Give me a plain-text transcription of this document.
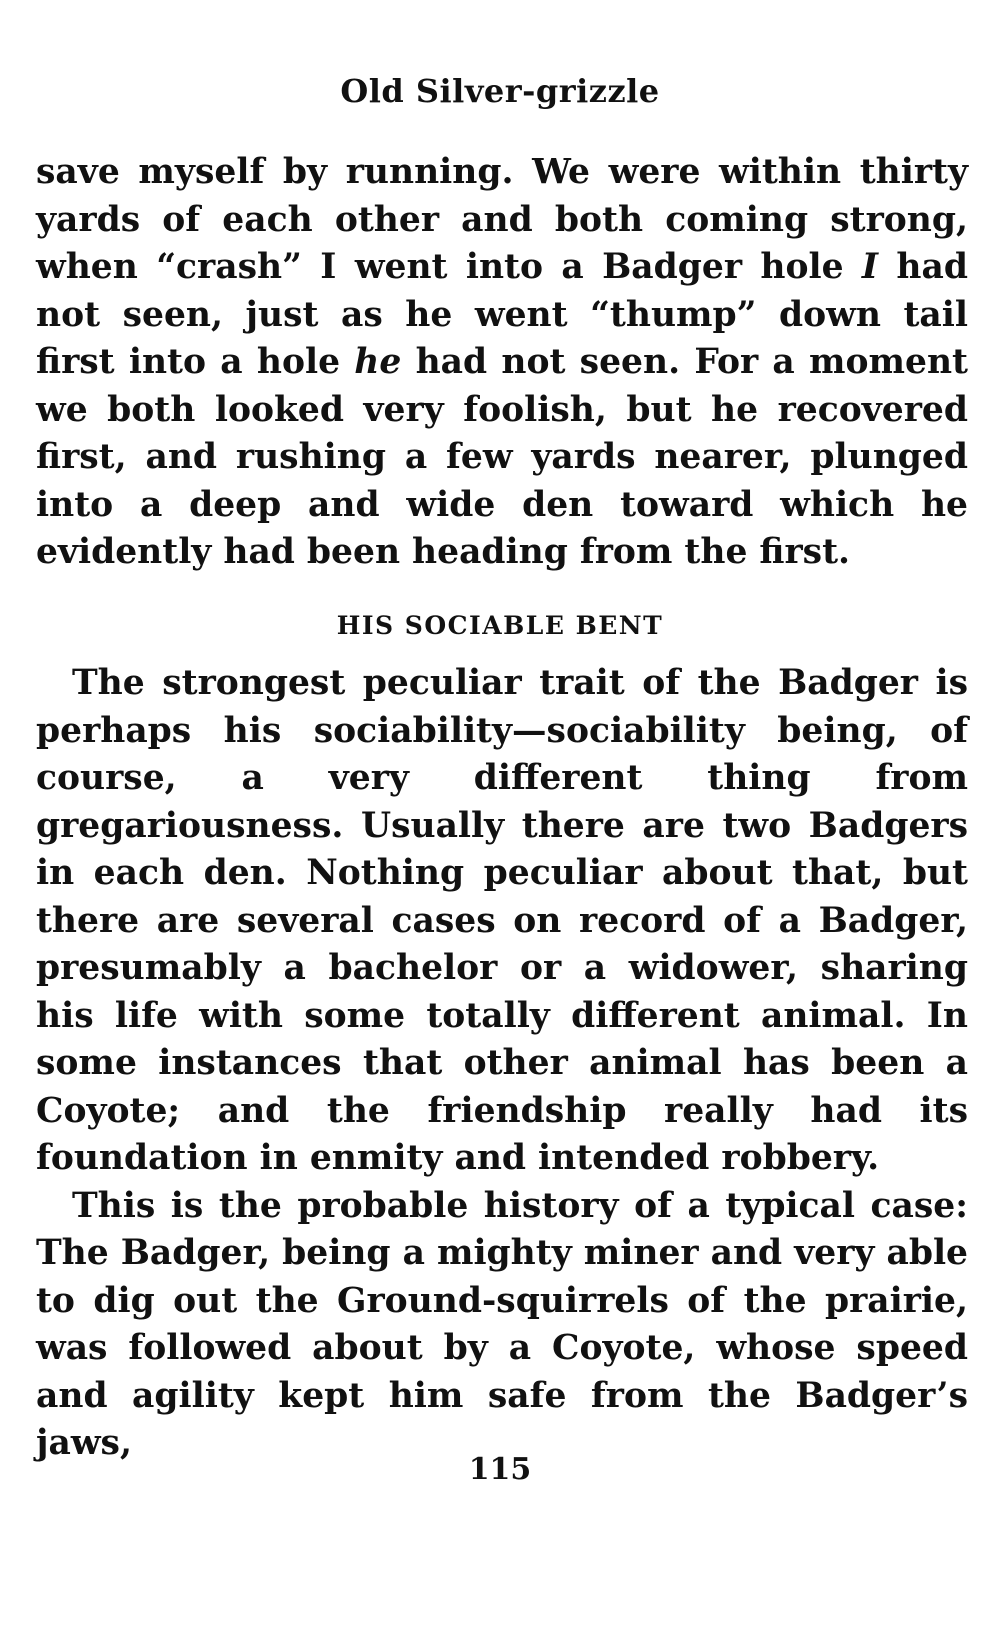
Old Silver-grizzle

save myself by running. We were within thirty yards of each other and both coming strong, when “crash” I went into a Badger hole I had not seen, just as he went “thump” down tail first into a hole he had not seen. For a moment we both looked very foolish, but he recovered first, and rushing a few yards nearer, plunged into a deep and wide den toward which he evidently had been heading from the first.

HIS SOCIABLE BENT

The strongest peculiar trait of the Badger is perhaps his sociability—sociability being, of course, a very different thing from gregariousness. Usually there are two Badgers in each den. Nothing peculiar about that, but there are several cases on record of a Badger, presumably a bachelor or a widower, sharing his life with some totally different animal. In some instances that other animal has been a Coyote; and the friendship really had its foundation in enmity and intended robbery.

This is the probable history of a typical case: The Badger, being a mighty miner and very able to dig out the Ground-squirrels of the prairie, was followed about by a Coyote, whose speed and agility kept him safe from the Badger’s jaws,

115
